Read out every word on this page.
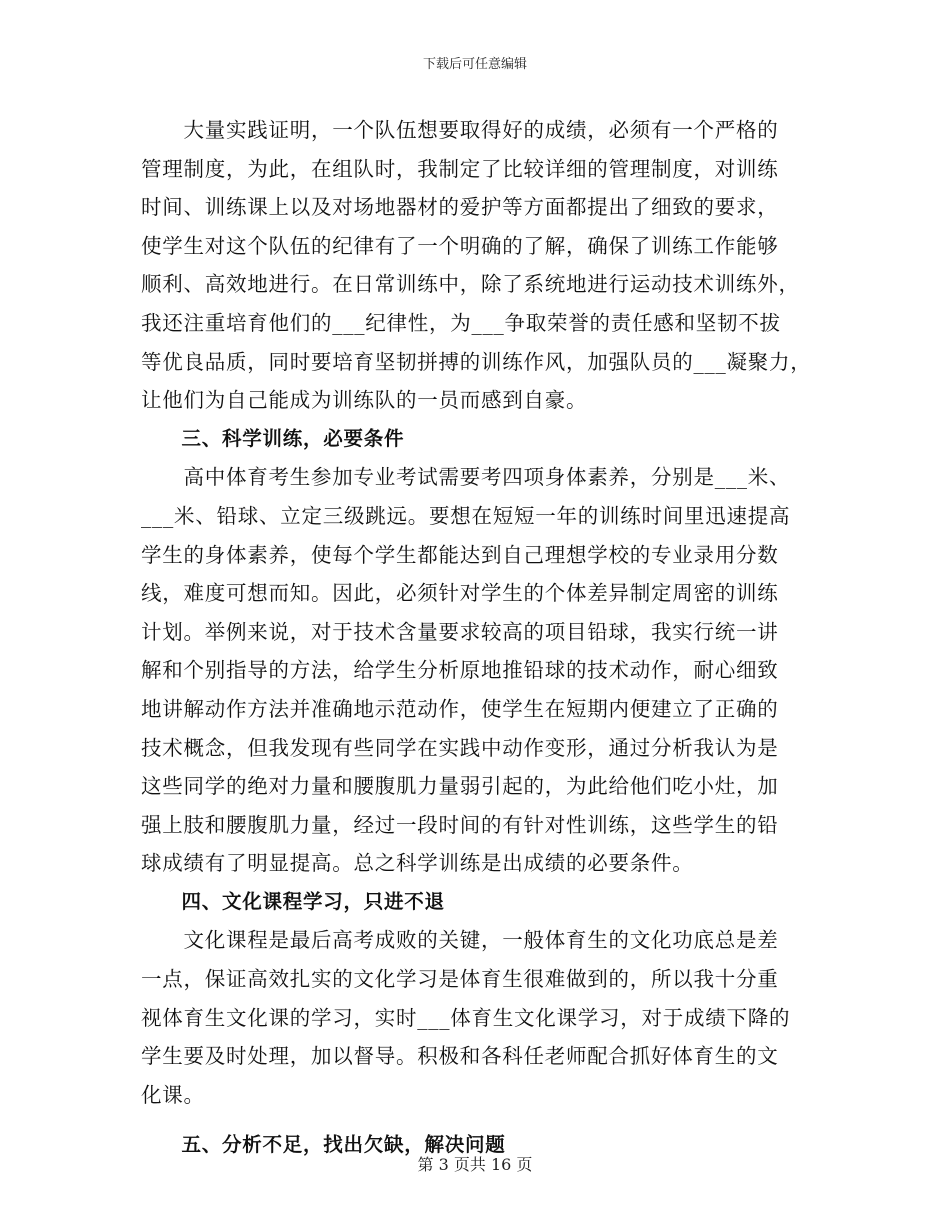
下载后可任意编辑
　　大量实践证明，一个队伍想要取得好的成绩，必须有一个严格的
管理制度，为此，在组队时，我制定了比较详细的管理制度，对训练
时间、训练课上以及对场地器材的爱护等方面都提出了细致的要求，
使学生对这个队伍的纪律有了一个明确的了解，确保了训练工作能够
顺利、高效地进行。在日常训练中，除了系统地进行运动技术训练外，
我还注重培育他们的___纪律性，为___争取荣誉的责任感和坚韧不拔
等优良品质，同时要培育坚韧拼搏的训练作风，加强队员的___凝聚力，
让他们为自己能成为训练队的一员而感到自豪。
　　三、科学训练，必要条件
　　高中体育考生参加专业考试需要考四项身体素养，分别是___米、
___米、铅球、立定三级跳远。要想在短短一年的训练时间里迅速提高
学生的身体素养，使每个学生都能达到自己理想学校的专业录用分数
线，难度可想而知。因此，必须针对学生的个体差异制定周密的训练
计划。举例来说，对于技术含量要求较高的项目铅球，我实行统一讲
解和个别指导的方法，给学生分析原地推铅球的技术动作，耐心细致
地讲解动作方法并准确地示范动作，使学生在短期内便建立了正确的
技术概念，但我发现有些同学在实践中动作变形，通过分析我认为是
这些同学的绝对力量和腰腹肌力量弱引起的，为此给他们吃小灶，加
强上肢和腰腹肌力量，经过一段时间的有针对性训练，这些学生的铅
球成绩有了明显提高。总之科学训练是出成绩的必要条件。
　　四、文化课程学习，只进不退
　　文化课程是最后高考成败的关键，一般体育生的文化功底总是差
一点，保证高效扎实的文化学习是体育生很难做到的，所以我十分重
视体育生文化课的学习，实时___体育生文化课学习，对于成绩下降的
学生要及时处理，加以督导。积极和各科任老师配合抓好体育生的文
化课。
　　五、分析不足，找出欠缺，解决问题
第 3 页共 16 页
